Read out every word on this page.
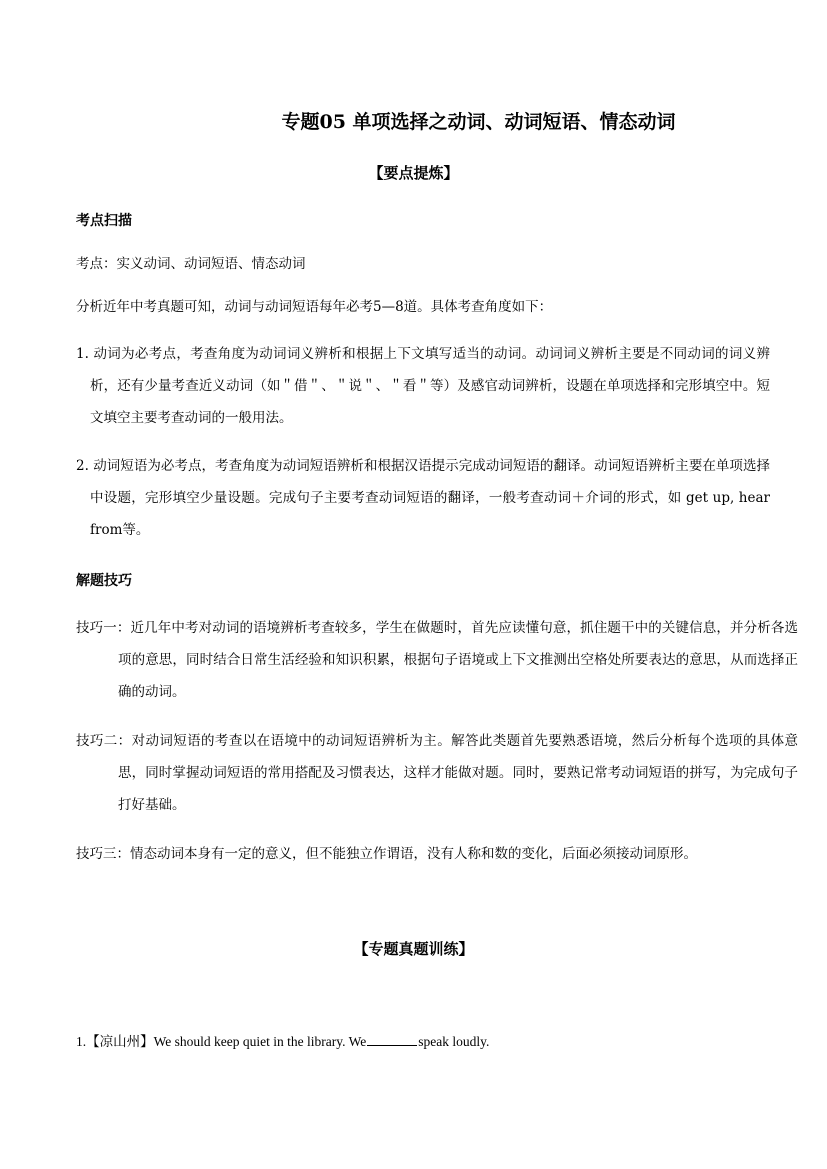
专题05 单项选择之动词、动词短语、情态动词
【要点提炼】
考点扫描
考点：实义动词、动词短语、情态动词
分析近年中考真题可知，动词与动词短语每年必考5—8道。具体考查角度如下：
1. 动词为必考点，考查角度为动词词义辨析和根据上下文填写适当的动词。动词词义辨析主要是不同动词的词义辨析，还有少量考查近义动词（如＂借＂、＂说＂、＂看＂等）及感官动词辨析，设题在单项选择和完形填空中。短文填空主要考查动词的一般用法。
2. 动词短语为必考点，考查角度为动词短语辨析和根据汉语提示完成动词短语的翻译。动词短语辨析主要在单项选择中设题，完形填空少量设题。完成句子主要考查动词短语的翻译，一般考查动词＋介词的形式，如 get up, hear from等。
解题技巧
技巧一：近几年中考对动词的语境辨析考查较多，学生在做题时，首先应读懂句意，抓住题干中的关键信息，并分析各选项的意思，同时结合日常生活经验和知识积累，根据句子语境或上下文推测出空格处所要表达的意思，从而选择正确的动词。
技巧二：对动词短语的考查以在语境中的动词短语辨析为主。解答此类题首先要熟悉语境，然后分析每个选项的具体意思，同时掌握动词短语的常用搭配及习惯表达，这样才能做对题。同时，要熟记常考动词短语的拼写，为完成句子打好基础。
技巧三：情态动词本身有一定的意义，但不能独立作谓语，没有人称和数的变化，后面必须接动词原形。
【专题真题训练】
1.【凉山州】We should keep quiet in the library. We	speak loudly.
